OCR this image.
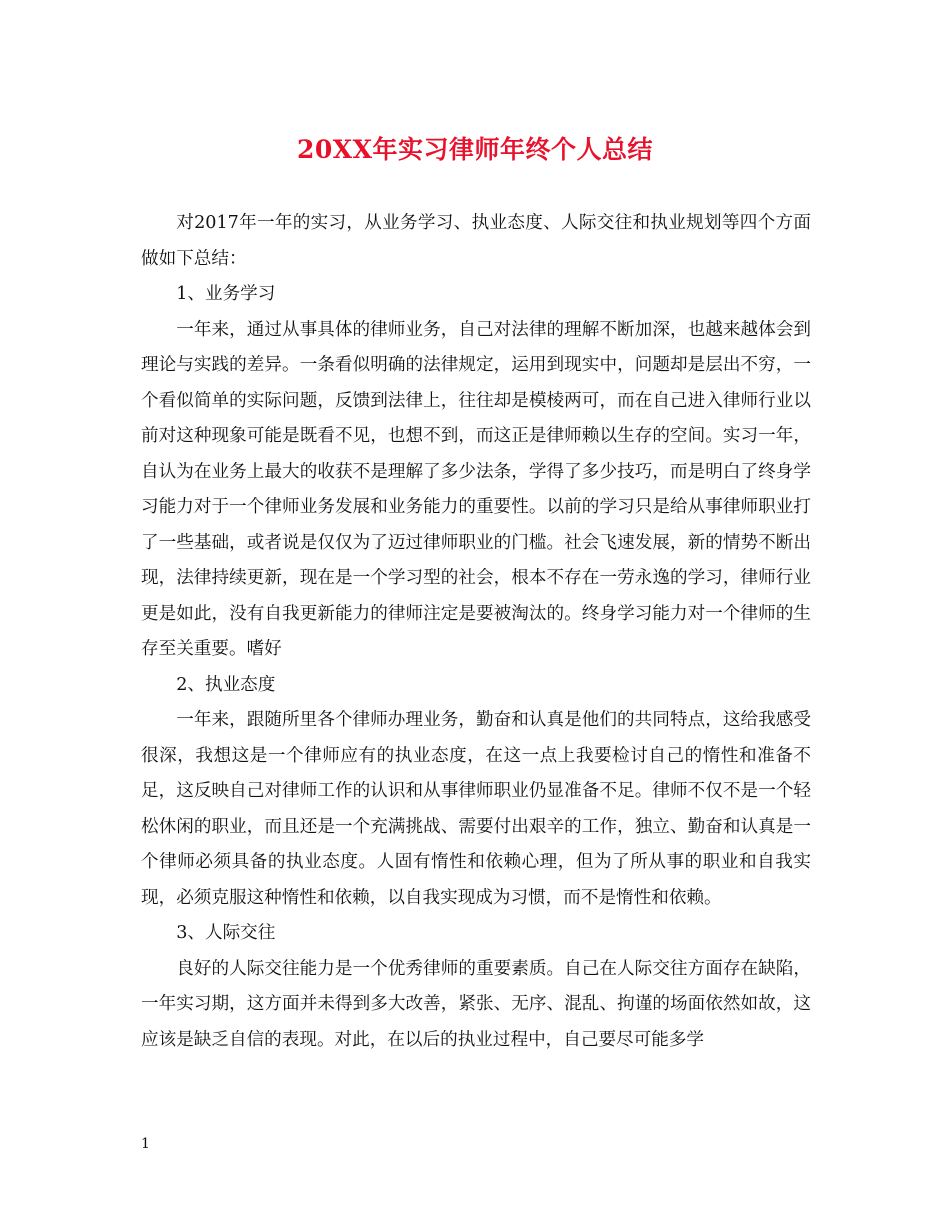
20XX年实习律师年终个人总结

对2017年一年的实习，从业务学习、执业态度、人际交往和执业规划等四个方面做如下总结：

1、业务学习

一年来，通过从事具体的律师业务，自己对法律的理解不断加深，也越来越体会到理论与实践的差异。一条看似明确的法律规定，运用到现实中，问题却是层出不穷，一个看似简单的实际问题，反馈到法律上，往往却是模棱两可，而在自己进入律师行业以前对这种现象可能是既看不见，也想不到，而这正是律师赖以生存的空间。实习一年，自认为在业务上最大的收获不是理解了多少法条，学得了多少技巧，而是明白了终身学习能力对于一个律师业务发展和业务能力的重要性。以前的学习只是给从事律师职业打了一些基础，或者说是仅仅为了迈过律师职业的门槛。社会飞速发展，新的情势不断出现，法律持续更新，现在是一个学习型的社会，根本不存在一劳永逸的学习，律师行业更是如此，没有自我更新能力的律师注定是要被淘汰的。终身学习能力对一个律师的生存至关重要。嗜好

2、执业态度

一年来，跟随所里各个律师办理业务，勤奋和认真是他们的共同特点，这给我感受很深，我想这是一个律师应有的执业态度，在这一点上我要检讨自己的惰性和准备不足，这反映自己对律师工作的认识和从事律师职业仍显准备不足。律师不仅不是一个轻松休闲的职业，而且还是一个充满挑战、需要付出艰辛的工作，独立、勤奋和认真是一个律师必须具备的执业态度。人固有惰性和依赖心理，但为了所从事的职业和自我实现，必须克服这种惰性和依赖，以自我实现成为习惯，而不是惰性和依赖。

3、人际交往

良好的人际交往能力是一个优秀律师的重要素质。自己在人际交往方面存在缺陷，一年实习期，这方面并未得到多大改善，紧张、无序、混乱、拘谨的场面依然如故，这应该是缺乏自信的表现。对此，在以后的执业过程中，自己要尽可能多学

1
